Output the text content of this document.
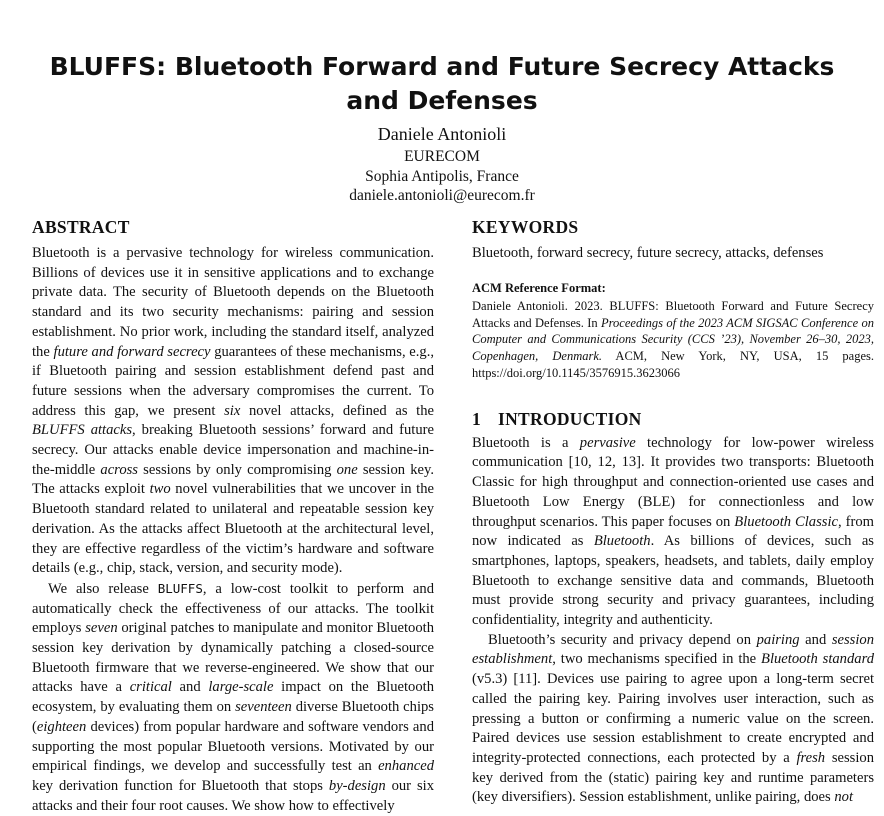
BLUFFS: Bluetooth Forward and Future Secrecy Attacks and Defenses
Daniele Antonioli
EURECOM
Sophia Antipolis, France
daniele.antonioli@eurecom.fr
ABSTRACT

Bluetooth is a pervasive technology for wireless communication. Billions of devices use it in sensitive applications and to exchange private data. The security of Bluetooth depends on the Bluetooth standard and its two security mechanisms: pairing and session establishment. No prior work, including the standard itself, analyzed the future and forward secrecy guarantees of these mechanisms, e.g., if Bluetooth pairing and session establishment defend past and future sessions when the adversary compromises the current. To address this gap, we present six novel attacks, defined as the BLUFFS attacks, breaking Bluetooth sessions’ forward and future secrecy. Our attacks enable device impersonation and machine-in-the-middle across sessions by only compromising one session key. The attacks exploit two novel vulnerabilities that we uncover in the Bluetooth standard related to unilateral and repeatable session key derivation. As the attacks affect Bluetooth at the architectural level, they are effective regardless of the victim’s hardware and software details (e.g., chip, stack, version, and security mode).

We also release BLUFFS, a low-cost toolkit to perform and automatically check the effectiveness of our attacks. The toolkit employs seven original patches to manipulate and monitor Bluetooth session key derivation by dynamically patching a closed-source Bluetooth firmware that we reverse-engineered. We show that our attacks have a critical and large-scale impact on the Bluetooth ecosystem, by evaluating them on seventeen diverse Bluetooth chips (eighteen devices) from popular hardware and software vendors and supporting the most popular Bluetooth versions. Motivated by our empirical findings, we develop and successfully test an enhanced key derivation function for Bluetooth that stops by-design our six attacks and their four root causes. We show how to effectively

KEYWORDS

Bluetooth, forward secrecy, future secrecy, attacks, defenses

ACM Reference Format:

Daniele Antonioli. 2023. BLUFFS: Bluetooth Forward and Future Secrecy Attacks and Defenses. In Proceedings of the 2023 ACM SIGSAC Conference on Computer and Communications Security (CCS ’23), November 26–30, 2023, Copenhagen, Denmark. ACM, New York, NY, USA, 15 pages. https://doi.org/10.1145/3576915.3623066

1 INTRODUCTION

Bluetooth is a pervasive technology for low-power wireless communication [10, 12, 13]. It provides two transports: Bluetooth Classic for high throughput and connection-oriented use cases and Bluetooth Low Energy (BLE) for connectionless and low throughput scenarios. This paper focuses on Bluetooth Classic, from now indicated as Bluetooth. As billions of devices, such as smartphones, laptops, speakers, headsets, and tablets, daily employ Bluetooth to exchange sensitive data and commands, Bluetooth must provide strong security and privacy guarantees, including confidentiality, integrity and authenticity.

Bluetooth’s security and privacy depend on pairing and session establishment, two mechanisms specified in the Bluetooth standard (v5.3) [11]. Devices use pairing to agree upon a long-term secret called the pairing key. Pairing involves user interaction, such as pressing a button or confirming a numeric value on the screen. Paired devices use session establishment to create encrypted and integrity-protected connections, each protected by a fresh session key derived from the (static) pairing key and runtime parameters (key diversifiers). Session establishment, unlike pairing, does not
